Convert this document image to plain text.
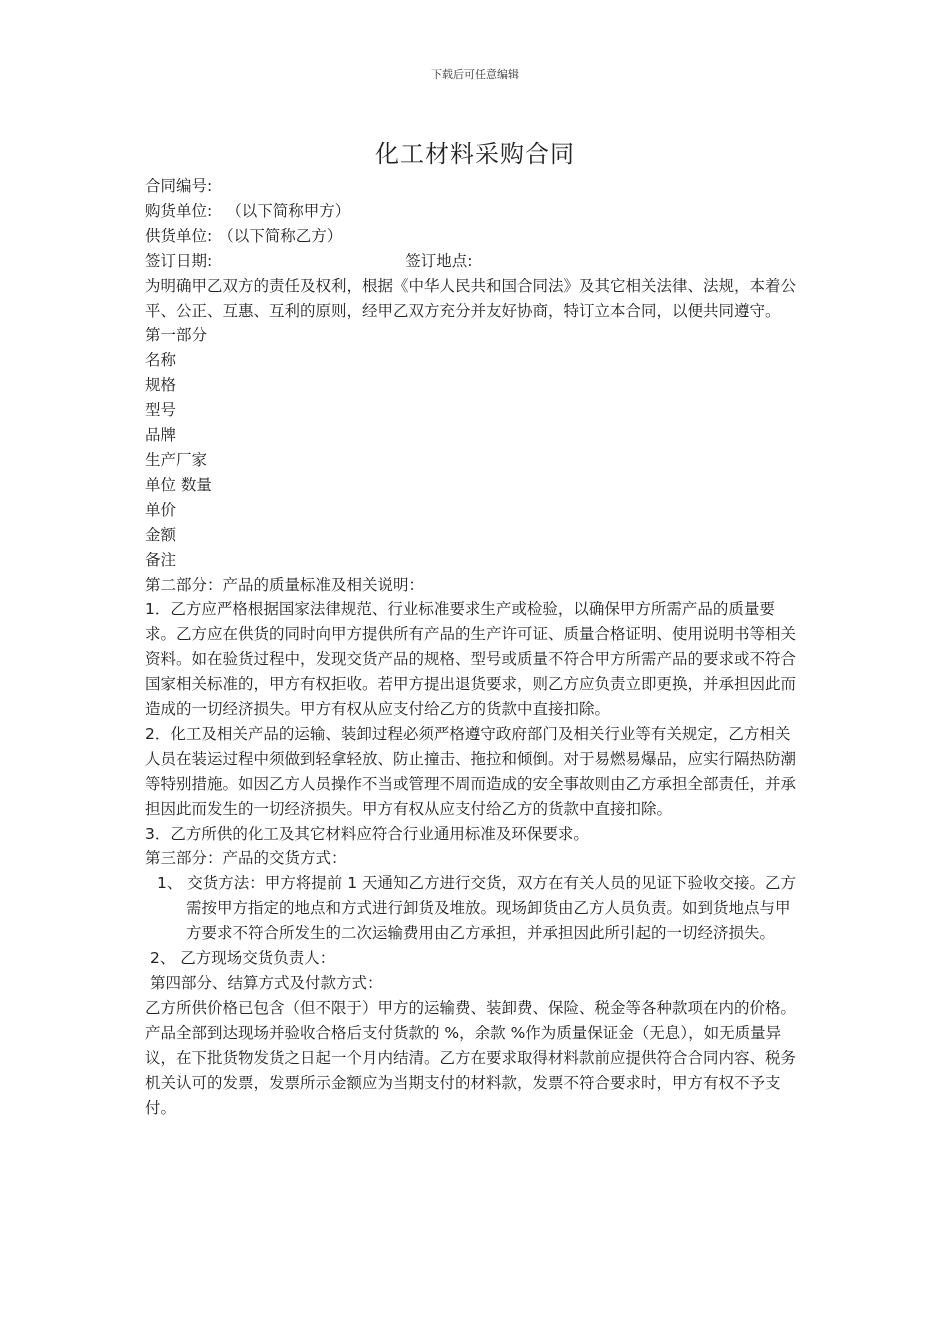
下载后可任意编辑
化工材料采购合同
合同编号:
购货单位: （以下简称甲方）
供货单位: （以下简称乙方）
签订日期:	签订地点:
为明确甲乙双方的责任及权利，根据《中华人民共和国合同法》及其它相关法律、法规，本着公平、公正、互惠、互利的原则，经甲乙双方充分并友好协商，特订立本合同，以便共同遵守。
第一部分
名称
规格
型号
品牌
生产厂家
单位 数量
单价
金额
备注
第二部分：产品的质量标准及相关说明：
1．乙方应严格根据国家法律规范、行业标准要求生产或检验，以确保甲方所需产品的质量要求。乙方应在供货的同时向甲方提供所有产品的生产许可证、质量合格证明、使用说明书等相关资料。如在验货过程中，发现交货产品的规格、型号或质量不符合甲方所需产品的要求或不符合国家相关标准的，甲方有权拒收。若甲方提出退货要求，则乙方应负责立即更换，并承担因此而造成的一切经济损失。甲方有权从应支付给乙方的货款中直接扣除。
2．化工及相关产品的运输、装卸过程必须严格遵守政府部门及相关行业等有关规定，乙方相关人员在装运过程中须做到轻拿轻放、防止撞击、拖拉和倾倒。对于易燃易爆品，应实行隔热防潮等特别措施。如因乙方人员操作不当或管理不周而造成的安全事故则由乙方承担全部责任，并承担因此而发生的一切经济损失。甲方有权从应支付给乙方的货款中直接扣除。
3．乙方所供的化工及其它材料应符合行业通用标准及环保要求。
第三部分：产品的交货方式：
1、 交货方法：甲方将提前 1 天通知乙方进行交货，双方在有关人员的见证下验收交接。乙方需按甲方指定的地点和方式进行卸货及堆放。现场卸货由乙方人员负责。如到货地点与甲方要求不符合所发生的二次运输费用由乙方承担，并承担因此所引起的一切经济损失。
2、 乙方现场交货负责人：
第四部分、结算方式及付款方式：
乙方所供价格已包含（但不限于）甲方的运输费、装卸费、保险、税金等各种款项在内的价格。产品全部到达现场并验收合格后支付货款的 %，余款 %作为质量保证金（无息），如无质量异议，在下批货物发货之日起一个月内结清。乙方在要求取得材料款前应提供符合合同内容、税务机关认可的发票，发票所示金额应为当期支付的材料款，发票不符合要求时，甲方有权不予支付。
